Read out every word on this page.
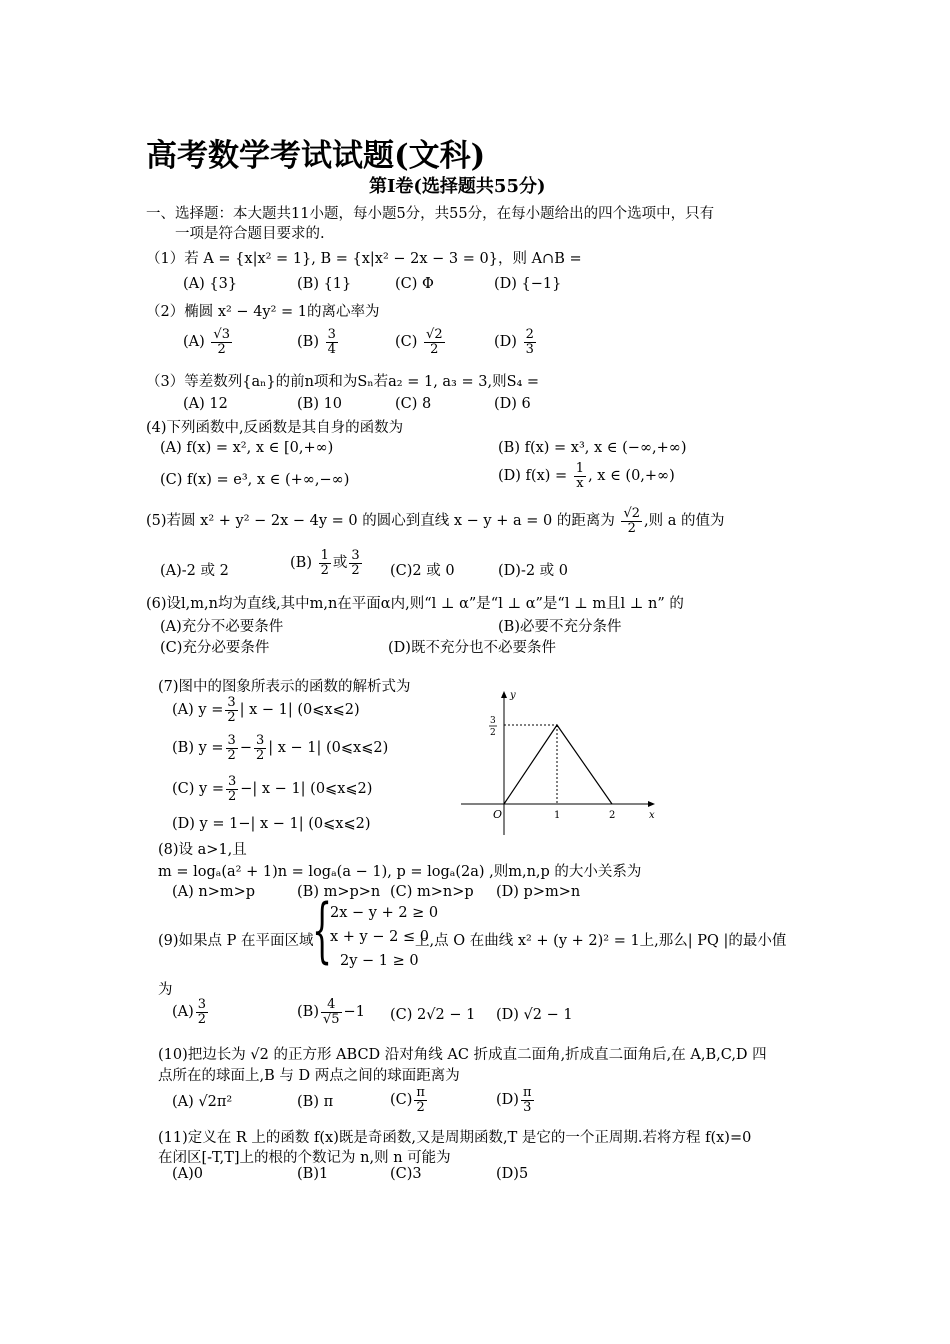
高考数学考试试题(文科)
第Ⅰ卷(选择题共55分)
一、选择题：本大题共11小题，每小题5分，共55分，在每小题给出的四个选项中，只有
一项是符合题目要求的.
（1）若 A = {x|x² = 1}, B = {x|x² − 2x − 3 = 0}，则 A∩B =
(A) {3}	(B) {1}	(C) Φ	(D) {−1}
（2）椭圆 x² − 4y² = 1的离心率为
$(A) \frac{√3}{2}$	$(B) \frac{3}{4}$	$(C) \frac{√2}{2}$	$(D) \frac{2}{3}$
（3）等差数列{aₙ}的前n项和为Sₙ若a₂ = 1, a₃ = 3,则S₄ =
(A) 12	(B) 10	(C) 8	(D) 6
(4)下列函数中,反函数是其自身的函数为
(A) f(x) = x², x ∈ [0,+∞)	(B) f(x) = x³, x ∈ (−∞,+∞)
(C) f(x) = e³, x ∈ (+∞,−∞)	(D) $f(x) = \frac{1}{x}$ , x ∈ (0,+∞)
(5)若圆 x² + y² − 2x − 4y = 0 的圆心到直线 x − y + a = 0 的距离为 $\frac{√2}{2}$ ,则 a 的值为
(A)-2 或 2	$(B) \frac{1}{2}$ 或 $\frac{3}{2} (C)2$ 或 0	(D)-2 或 0
(6)设l,m,n均为直线,其中m,n在平面α内,则“l ⊥ α”是“l ⊥ α”是“l ⊥ m且l ⊥ n” 的
(A)充分不必要条件	(B)必要不充分条件
(C)充分必要条件	(D)既不充分也不必要条件
(7)图中的图象所表示的函数的解析式为
(A) $y = \frac{3}{2}$ | x − 1| (0⩽x⩽2)
(B) $y = \frac{3}{2} - \frac{3}{2}$ | x − 1| (0⩽x⩽2)
(C) $y = \frac{3}{2}$ −| x − 1| (0⩽x⩽2)
(D) y = 1−| x − 1| (0⩽x⩽2)
y
x
O	1	2
3
2
(8)设 a>1,且
m = logₐ(a² + 1)n = logₐ(a − 1), p = logₐ(2a) ,则m,n,p 的大小关系为
(A) n>m>p	(B) m>p>n (C) m>n>p (D) p>m>n
(9)如果点 P 在平面区域
{
2x − y + 2 ≥ 0
x + y − 2 ≤ 0
2y − 1 ≥ 0
上,点 O 在曲线 x² + (y + 2)² = 1上,那么| PQ |的最小值
为
$(A) \frac{3}{2}$	$(B) \frac{4}{√5} -1$ (C) 2√2 − 1 (D) √2 − 1
(10)把边长为 √2 的正方形 ABCD 沿对角线 AC 折成直二面角,折成直二面角后,在 A,B,C,D 四
点所在的球面上,B 与 D 两点之间的球面距离为
(A) √2π²	(B) π	$(C) \frac{\pi}{2}$	$(D) \frac{\pi}{3}$
(11)定义在 R 上的函数 f(x)既是奇函数,又是周期函数,T 是它的一个正周期.若将方程 f(x)=0
在闭区[-T,T]上的根的个数记为 n,则 n 可能为
(A)0	(B)1	(C)3	(D)5
